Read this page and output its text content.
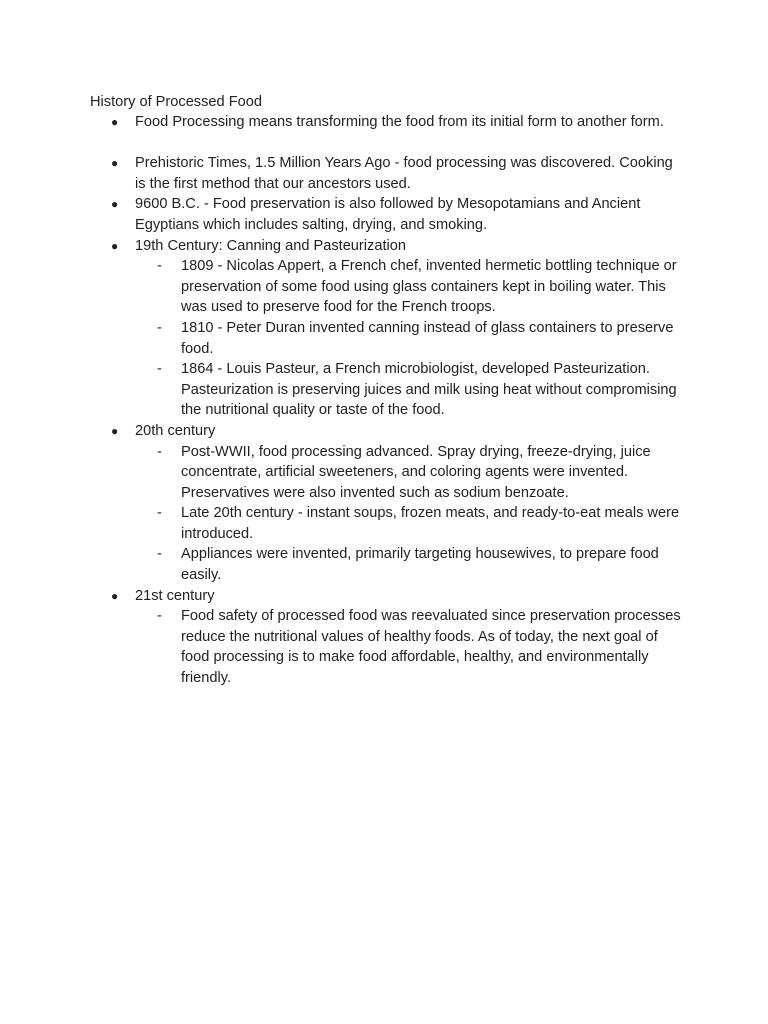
History of Processed Food
● Food Processing means transforming the food from its initial form to another form.
● Prehistoric Times, 1.5 Million Years Ago - food processing was discovered. Cooking is the first method that our ancestors used.
● 9600 B.C. - Food preservation is also followed by Mesopotamians and Ancient Egyptians which includes salting, drying, and smoking.
● 19th Century: Canning and Pasteurization
- 1809 - Nicolas Appert, a French chef, invented hermetic bottling technique or preservation of some food using glass containers kept in boiling water. This was used to preserve food for the French troops.
- 1810 - Peter Duran invented canning instead of glass containers to preserve food.
- 1864 - Louis Pasteur, a French microbiologist, developed Pasteurization. Pasteurization is preserving juices and milk using heat without compromising the nutritional quality or taste of the food.
● 20th century
- Post-WWII, food processing advanced. Spray drying, freeze-drying, juice concentrate, artificial sweeteners, and coloring agents were invented. Preservatives were also invented such as sodium benzoate.
- Late 20th century - instant soups, frozen meats, and ready-to-eat meals were introduced.
- Appliances were invented, primarily targeting housewives, to prepare food easily.
● 21st century
- Food safety of processed food was reevaluated since preservation processes reduce the nutritional values of healthy foods. As of today, the next goal of food processing is to make food affordable, healthy, and environmentally friendly.
